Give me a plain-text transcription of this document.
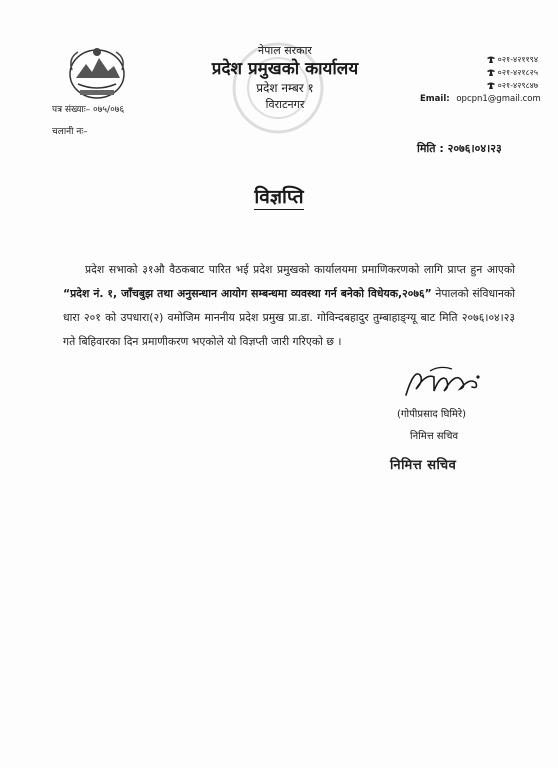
नेपाल सरकार
प्रदेश प्रमुखको कार्यालय
प्रदेश नम्बर १
विराटनगर
०२१-४२११९४
०२१-४२१८२५
०२१-४२९८४७
Email: opcpn1@gmail.com
पत्र संख्याः– ०७५/०७६
चलानी नः–
मिति : २०७६।०४।२३
विज्ञप्ति
प्रदेश सभाको ३१औ वैठकबाट पारित भई प्रदेश प्रमुखको कार्यालयमा प्रमाणिकरणको लागि प्राप्त हुन आएको “प्रदेश नं. १, जाँचबुझ तथा अनुसन्धान आयोग सम्बन्धमा व्यवस्था गर्न बनेको विधेयक,२०७६” नेपालको संविधानको धारा २०१ को उपधारा(२) वमोजिम माननीय प्रदेश प्रमुख प्रा.डा. गोविन्दबहादुर तुम्बाहाङ्ग्यू बाट मिति २०७६।०४।२३ गते बिहिवारका दिन प्रमाणीकरण भएकोले यो विज्ञप्ती जारी गरिएको छ ।
(गोपीप्रसाद घिमिरे)
निमित्त सचिव
निमित्त सचिव
